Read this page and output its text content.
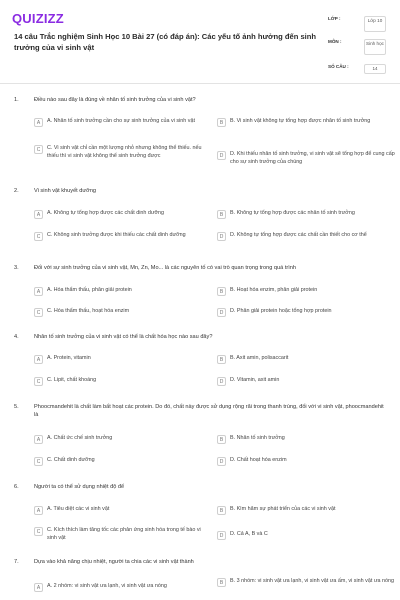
QUIZIZZ
14 câu Trắc nghiệm Sinh Học 10 Bài 27 (có đáp án): Các yếu tố ảnh hưởng đến sinh trưởng của vi sinh vật
LỚP :	Lớp 10
MÔN :	Sinh học
SỐ CÂU :	14
1.	Điều nào sau đây là đúng về nhân tố sinh trưởng của vi sinh vật?
A	A. Nhân tố sinh trưởng cần cho sự sinh trưởng của vi sinh vật	B	B. Vi sinh vật không tự tổng hợp được nhân tố sinh trưởng
C	C. Vi sinh vật chỉ cần một lượng nhỏ nhưng không thể thiếu. nếu thiếu thì vi sinh vật không thể sinh trưởng được	D	D. Khi thiếu nhân tố sinh trưởng, vi sinh vật sẽ tổng hợp để cung cấp cho sự sinh trưởng của chúng
2.	Vi sinh vật khuyết dưỡng
A	A. Không tự tổng hợp được các chất dinh dưỡng	B	B. Không tự tổng hợp được các nhân tố sinh trưởng
C	C. Không sinh trưởng được khi thiếu các chất dinh dưỡng	D	D. Không tự tổng hợp được các chất cần thiết cho cơ thể
3.	Đối với sự sinh trưởng của vi sinh vật, Mn, Zn, Mo... là các nguyên tố có vai trò quan trọng trong quá trình
A	A. Hóa thẩm thấu, phân giải protein	B	B. Hoạt hóa enzim, phân giải protein
C	C. Hóa thẩm thấu, hoạt hóa enzim	D	D. Phân giải protein hoặc tổng hợp protein
4.	Nhân tố sinh trưởng của vi sinh vật có thể là chất hóa học nào sau đây?
A	A. Protein, vitamin	B	B. Axit amin, polisaccarit
C	C. Lipit, chất khoáng	D	D. Vitamin, axit amin
5.	Phoocmandehit là chất làm bất hoạt các protein. Do đó, chất này được sử dụng rộng rãi trong thanh trùng, đối với vi sinh vật, phoocmandehit là
A	A. Chất ức chế sinh trưởng	B	B. Nhân tố sinh trưởng
C	C. Chất dinh dưỡng	D	D. Chất hoạt hóa enzim
6.	Người ta có thể sử dụng nhiệt độ để
A	A. Tiêu diệt các vi sinh vật	B	B. Kìm hãm sự phát triển của các vi sinh vật
C	C. Kích thích làm tăng tốc các phản ứng sinh hóa trong tế bào vi sinh vật	D	D. Cả A, B và C
7.	Dựa vào khả năng chịu nhiệt, người ta chia các vi sinh vật thành
A	A. 2 nhóm: vi sinh vật ưa lạnh, vi sinh vật ưa nóng	B	B. 3 nhóm: vi sinh vật ưa lạnh, vi sinh vật ưa ấm, vi sinh vật ưa nóng
